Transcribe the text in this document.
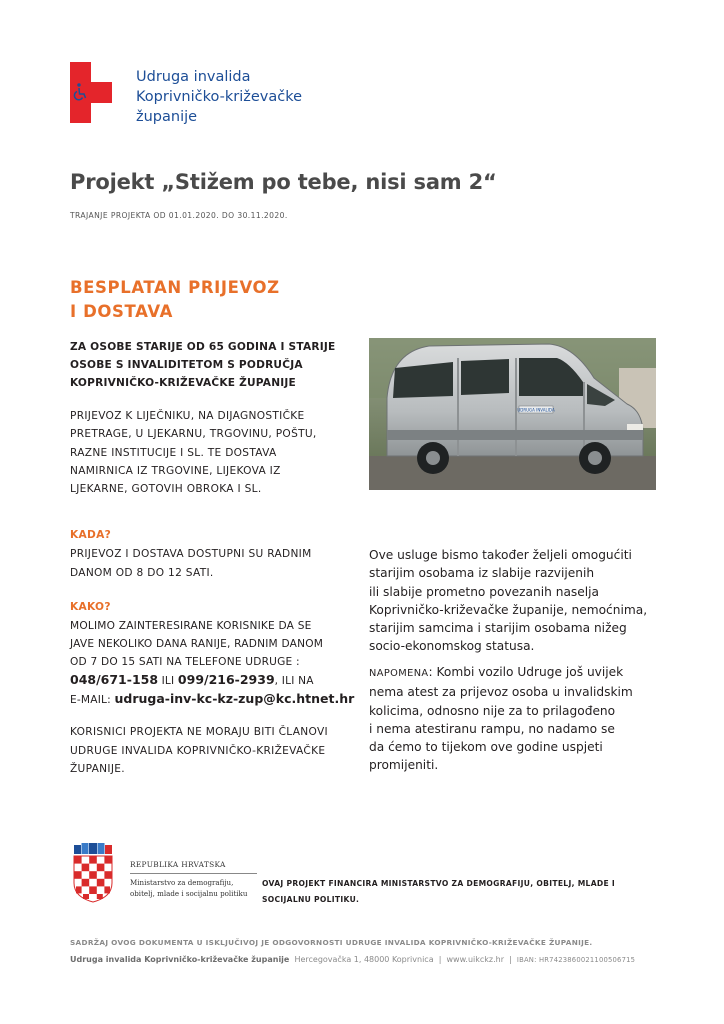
Udruga invalida
Koprivničko-križevačke
županije
Projekt „Stižem po tebe, nisi sam 2“
TRAJANJE PROJEKTA OD 01.01.2020. DO 30.11.2020.
BESPLATAN PRIJEVOZ
I DOSTAVA
ZA OSOBE STARIJE OD 65 GODINA I STARIJE
OSOBE S INVALIDITETOM S PODRUČJA
KOPRIVNIČKO-KRIŽEVAČKE ŽUPANIJE
PRIJEVOZ K LIJEČNIKU, NA DIJAGNOSTIČKE
PRETRAGE, U LJEKARNU, TRGOVINU, POŠTU,
RAZNE INSTITUCIJE I SL. TE DOSTAVA
NAMIRNICA IZ TRGOVINE, LIJEKOVA IZ
LJEKARNE, GOTOVIH OBROKA I SL.
UDRUGA INVALIDA
KADA?
PRIJEVOZ I DOSTAVA DOSTUPNI SU RADNIM
DANOM OD 8 DO 12 SATI.
KAKO?
MOLIMO ZAINTERESIRANE KORISNIKE DA SE
JAVE NEKOLIKO DANA RANIJE, RADNIM DANOM
OD 7 DO 15 SATI NA TELEFONE UDRUGE :
048/671-158 ILI 099/216-2939, ILI NA
E-MAIL: udruga-inv-kc-kz-zup@kc.htnet.hr
KORISNICI PROJEKTA NE MORAJU BITI ČLANOVI
UDRUGE INVALIDA KOPRIVNIČKO-KRIŽEVAČKE
ŽUPANIJE.
Ove usluge bismo također željeli omogućiti
starijim osobama iz slabije razvijenih
ili slabije prometno povezanih naselja
Koprivničko-križevačke županije, nemoćnima,
starijim samcima i starijim osobama nižeg
socio-ekonomskog statusa.
NAPOMENA: Kombi vozilo Udruge još uvijek
nema atest za prijevoz osoba u invalidskim
kolicima, odnosno nije za to prilagođeno
i nema atestiranu rampu, no nadamo se
da ćemo to tijekom ove godine uspjeti
promijeniti.
REPUBLIKA HRVATSKA
Ministarstvo za demografiju,
obitelj, mlade i socijalnu politiku
OVAJ PROJEKT FINANCIRA MINISTARSTVO ZA DEMOGRAFIJU, OBITELJ, MLADE I
SOCIJALNU POLITIKU.
SADRŽAJ OVOG DOKUMENTA U ISKLJUČIVOJ JE ODGOVORNOSTI UDRUGE INVALIDA KOPRIVNIČKO-KRIŽEVAČKE ŽUPANIJE.
Udruga invalida Koprivničko-križevačke županije Hercegovačka 1, 48000 Koprivnica | www.uikckz.hr | IBAN: HR7423860021100506715
